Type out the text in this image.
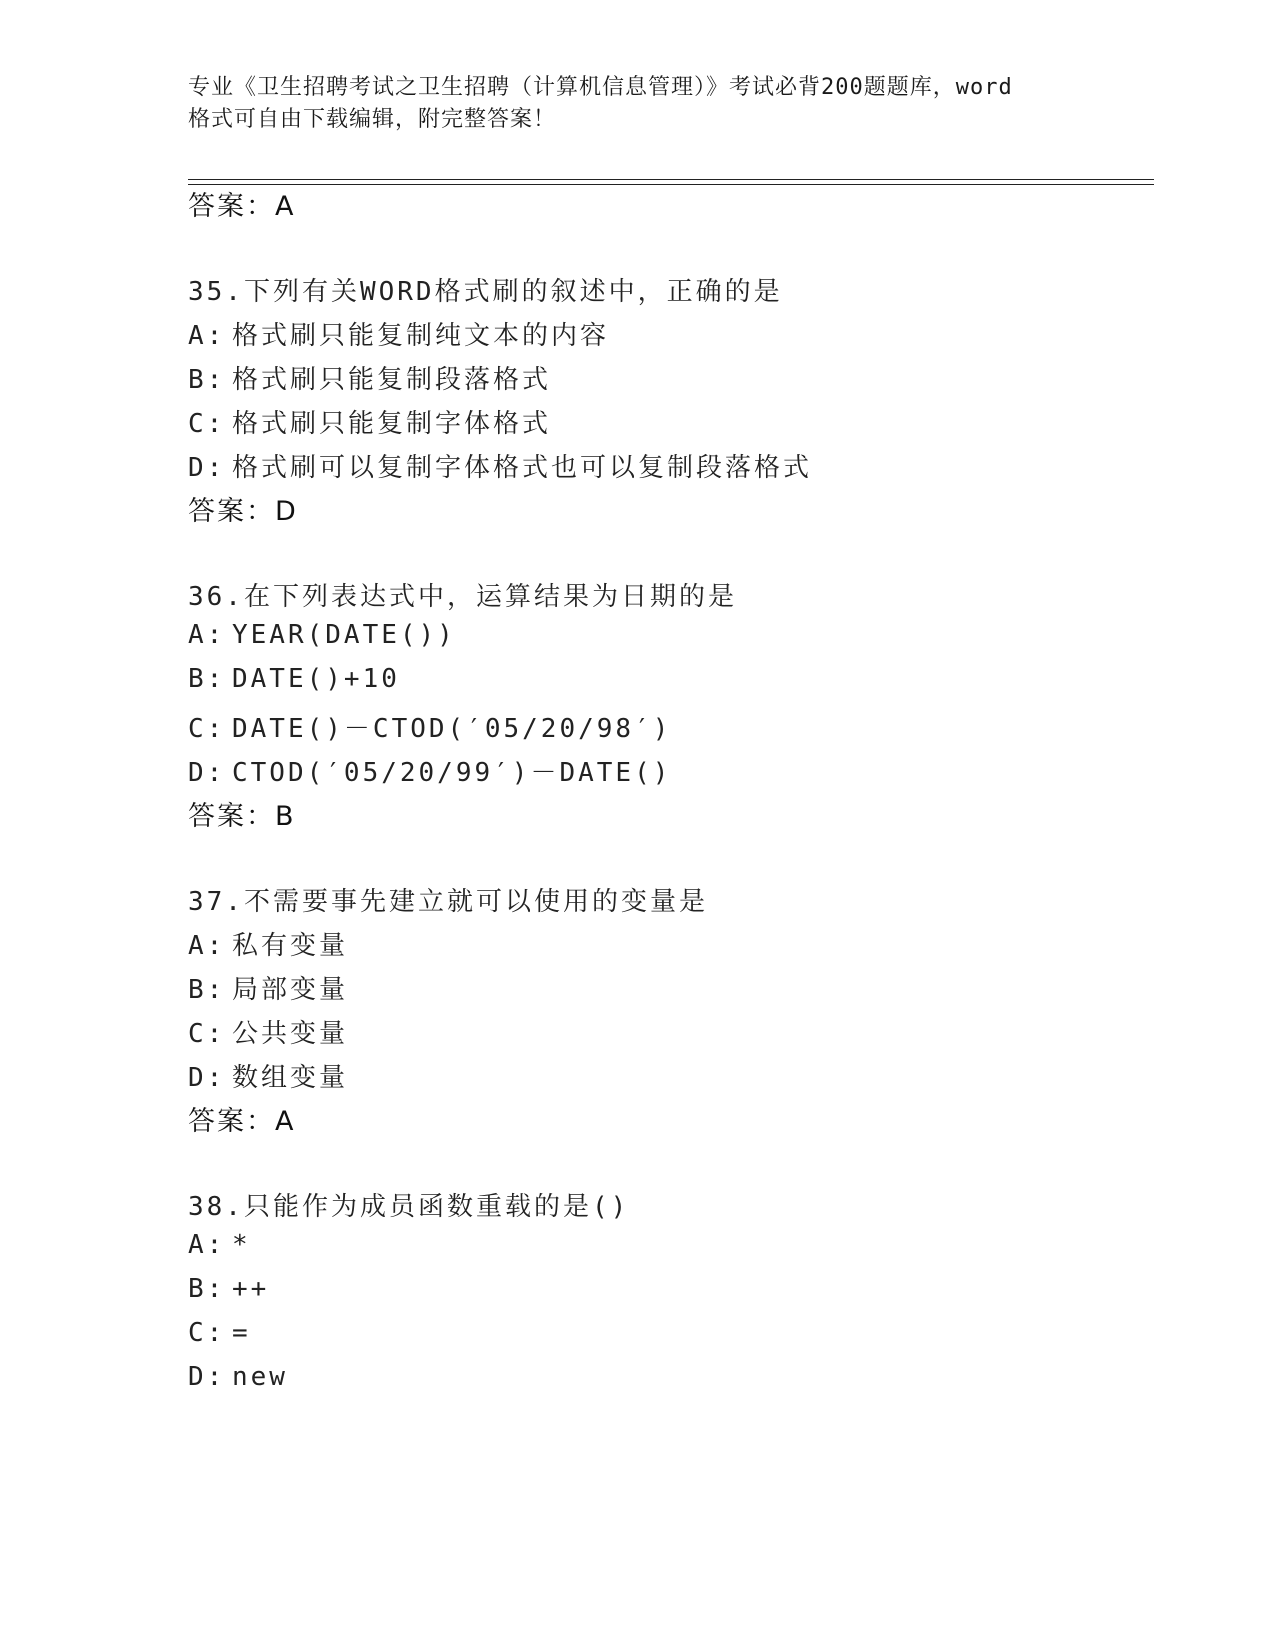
专业《卫生招聘考试之卫生招聘（计算机信息管理）》考试必背200题题库，word
格式可自由下载编辑，附完整答案！
答案：A
35.下列有关WORD格式刷的叙述中，正确的是
A: 格式刷只能复制纯文本的内容
B: 格式刷只能复制段落格式
C: 格式刷只能复制字体格式
D: 格式刷可以复制字体格式也可以复制段落格式
答案：D
36.在下列表达式中，运算结果为日期的是
A: YEAR(DATE())
B: DATE()+10
C: DATE()－CTOD(′05/20/98′)
D: CTOD(′05/20/99′)－DATE()
答案：B
37.不需要事先建立就可以使用的变量是
A: 私有变量
B: 局部变量
C: 公共变量
D: 数组变量
答案：A
38.只能作为成员函数重载的是()
A: *
B: ++
C: =
D: new
